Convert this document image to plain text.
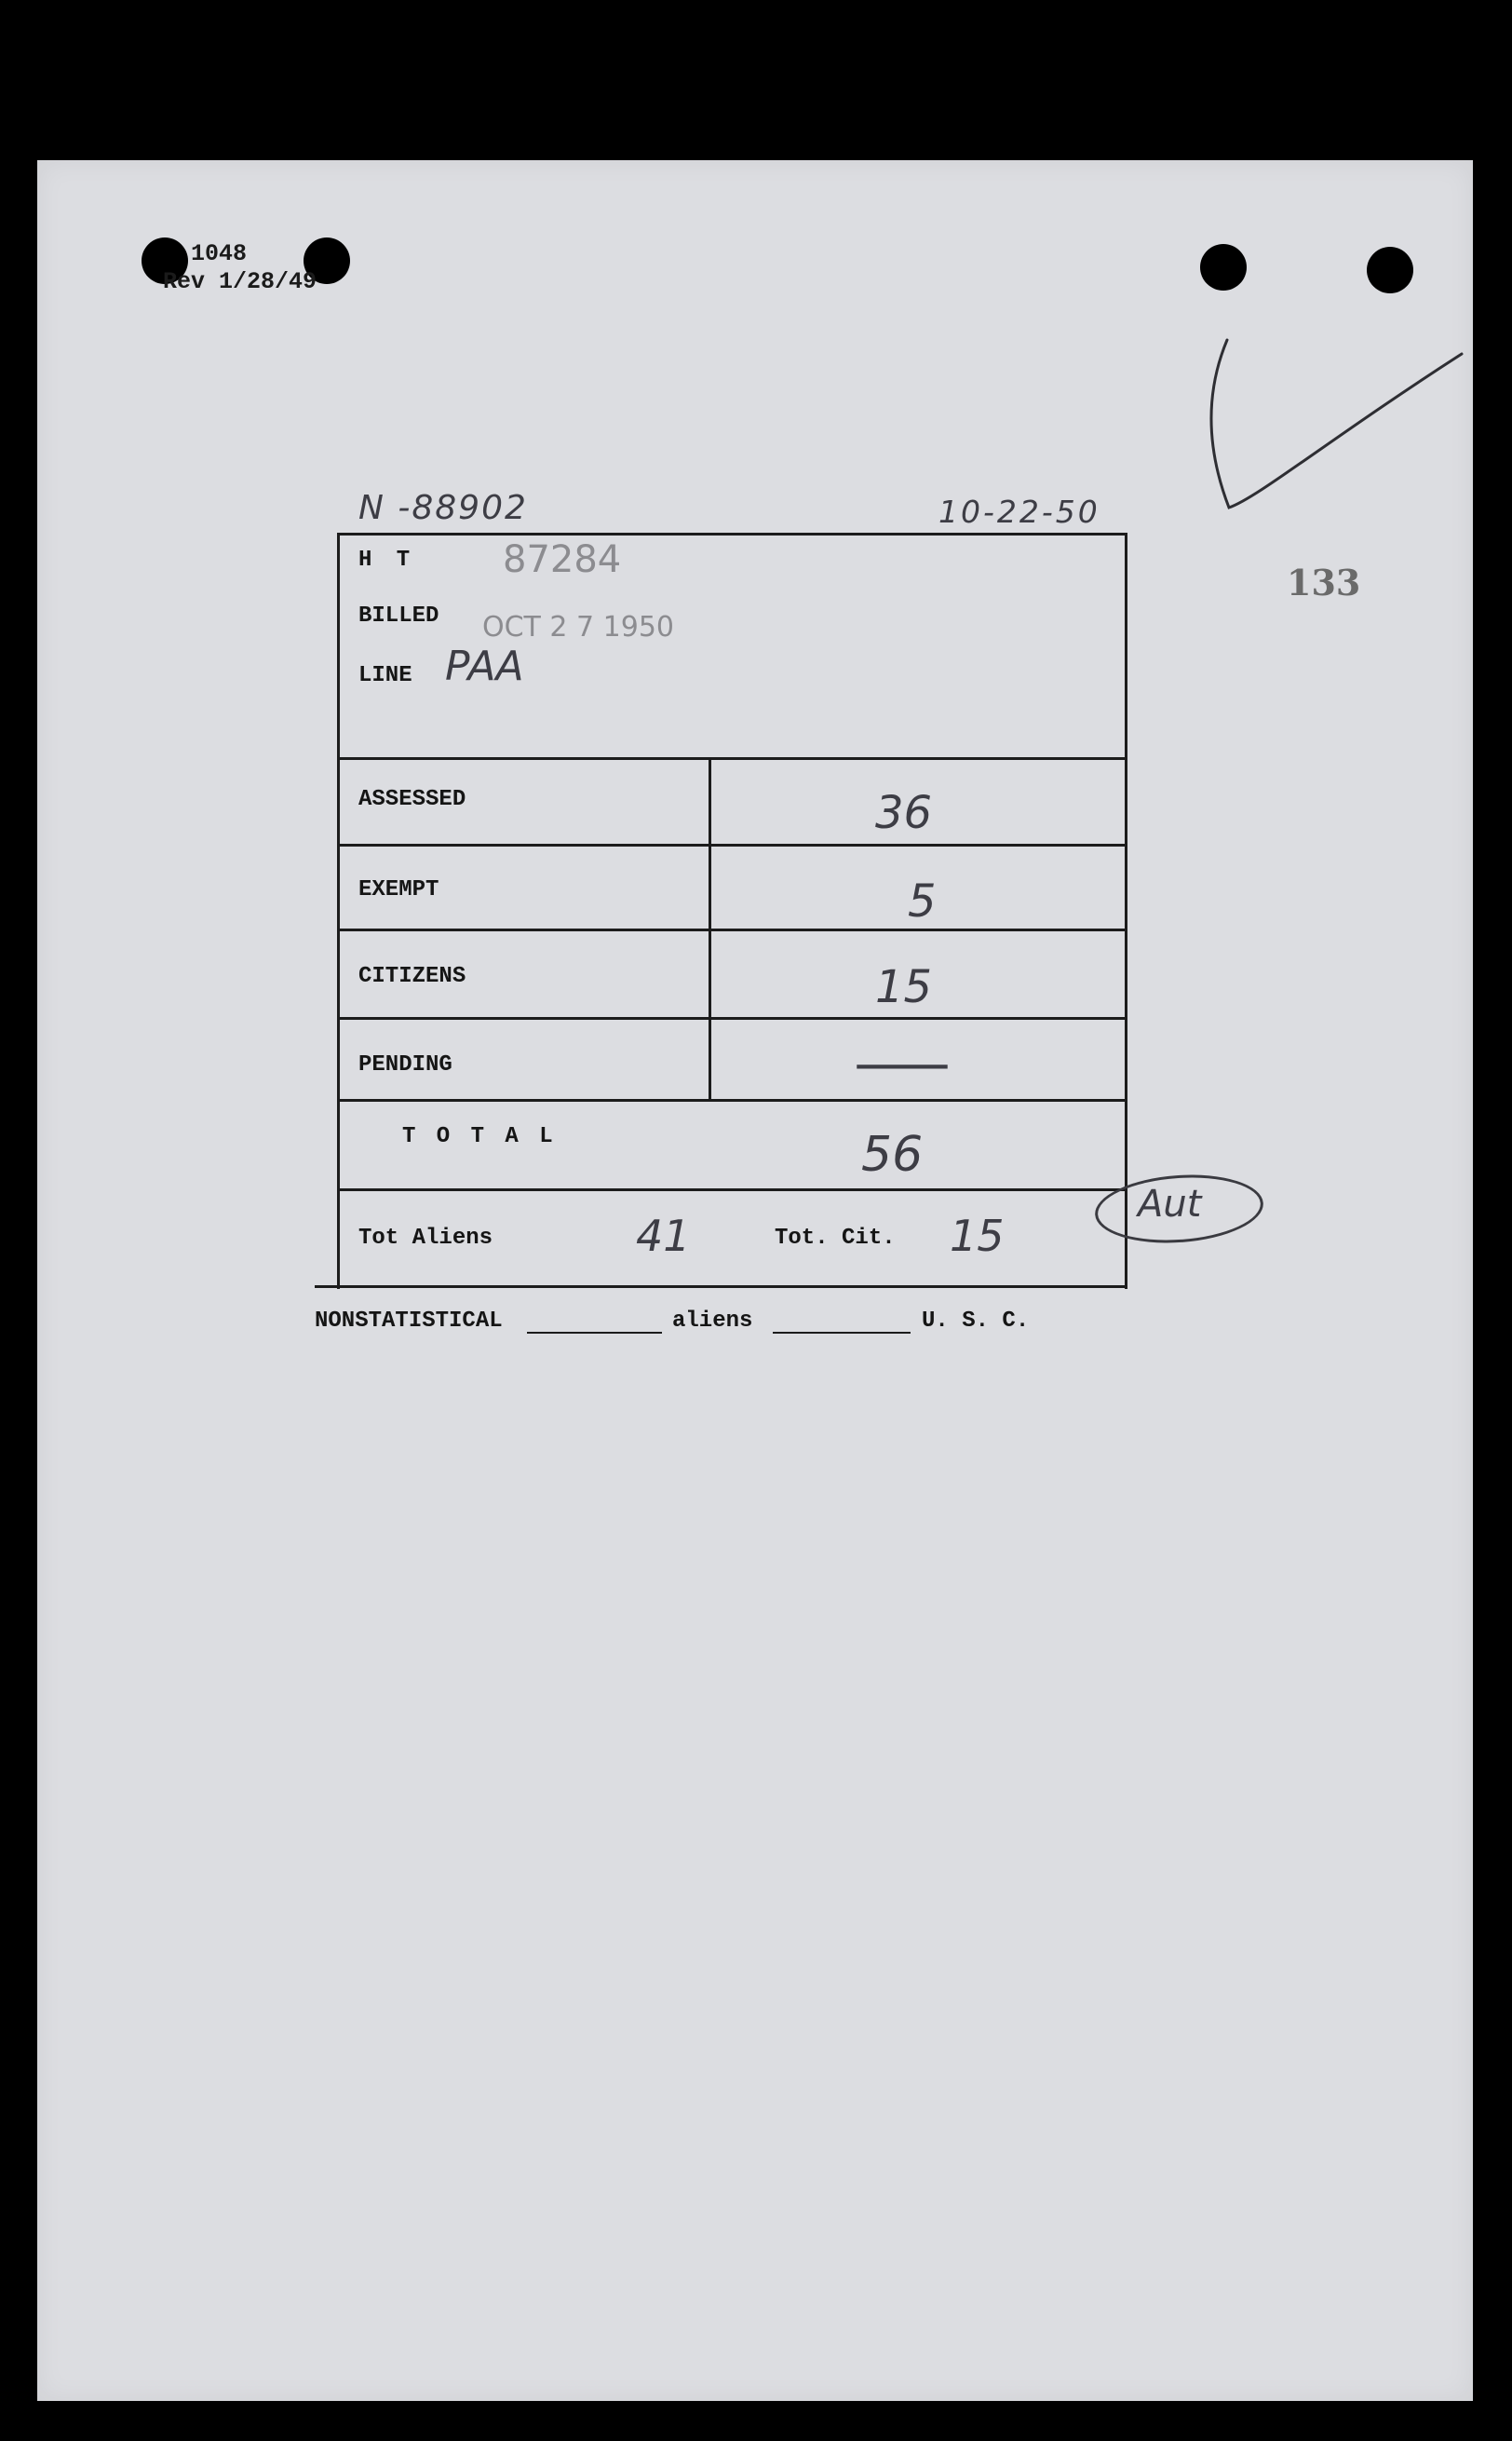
1048
Rev 1/28/49
N -88902	10-22-50
133
H T 87284
BILLED OCT 2 7 1950
LINE PAA
ASSESSED	36
EXEMPT	5
CITIZENS	15
PENDING	—
T O T A L	56
Tot Aliens	41	Tot. Cit. 15
Aut
NONSTATISTICAL	aliens	U. S. C.
